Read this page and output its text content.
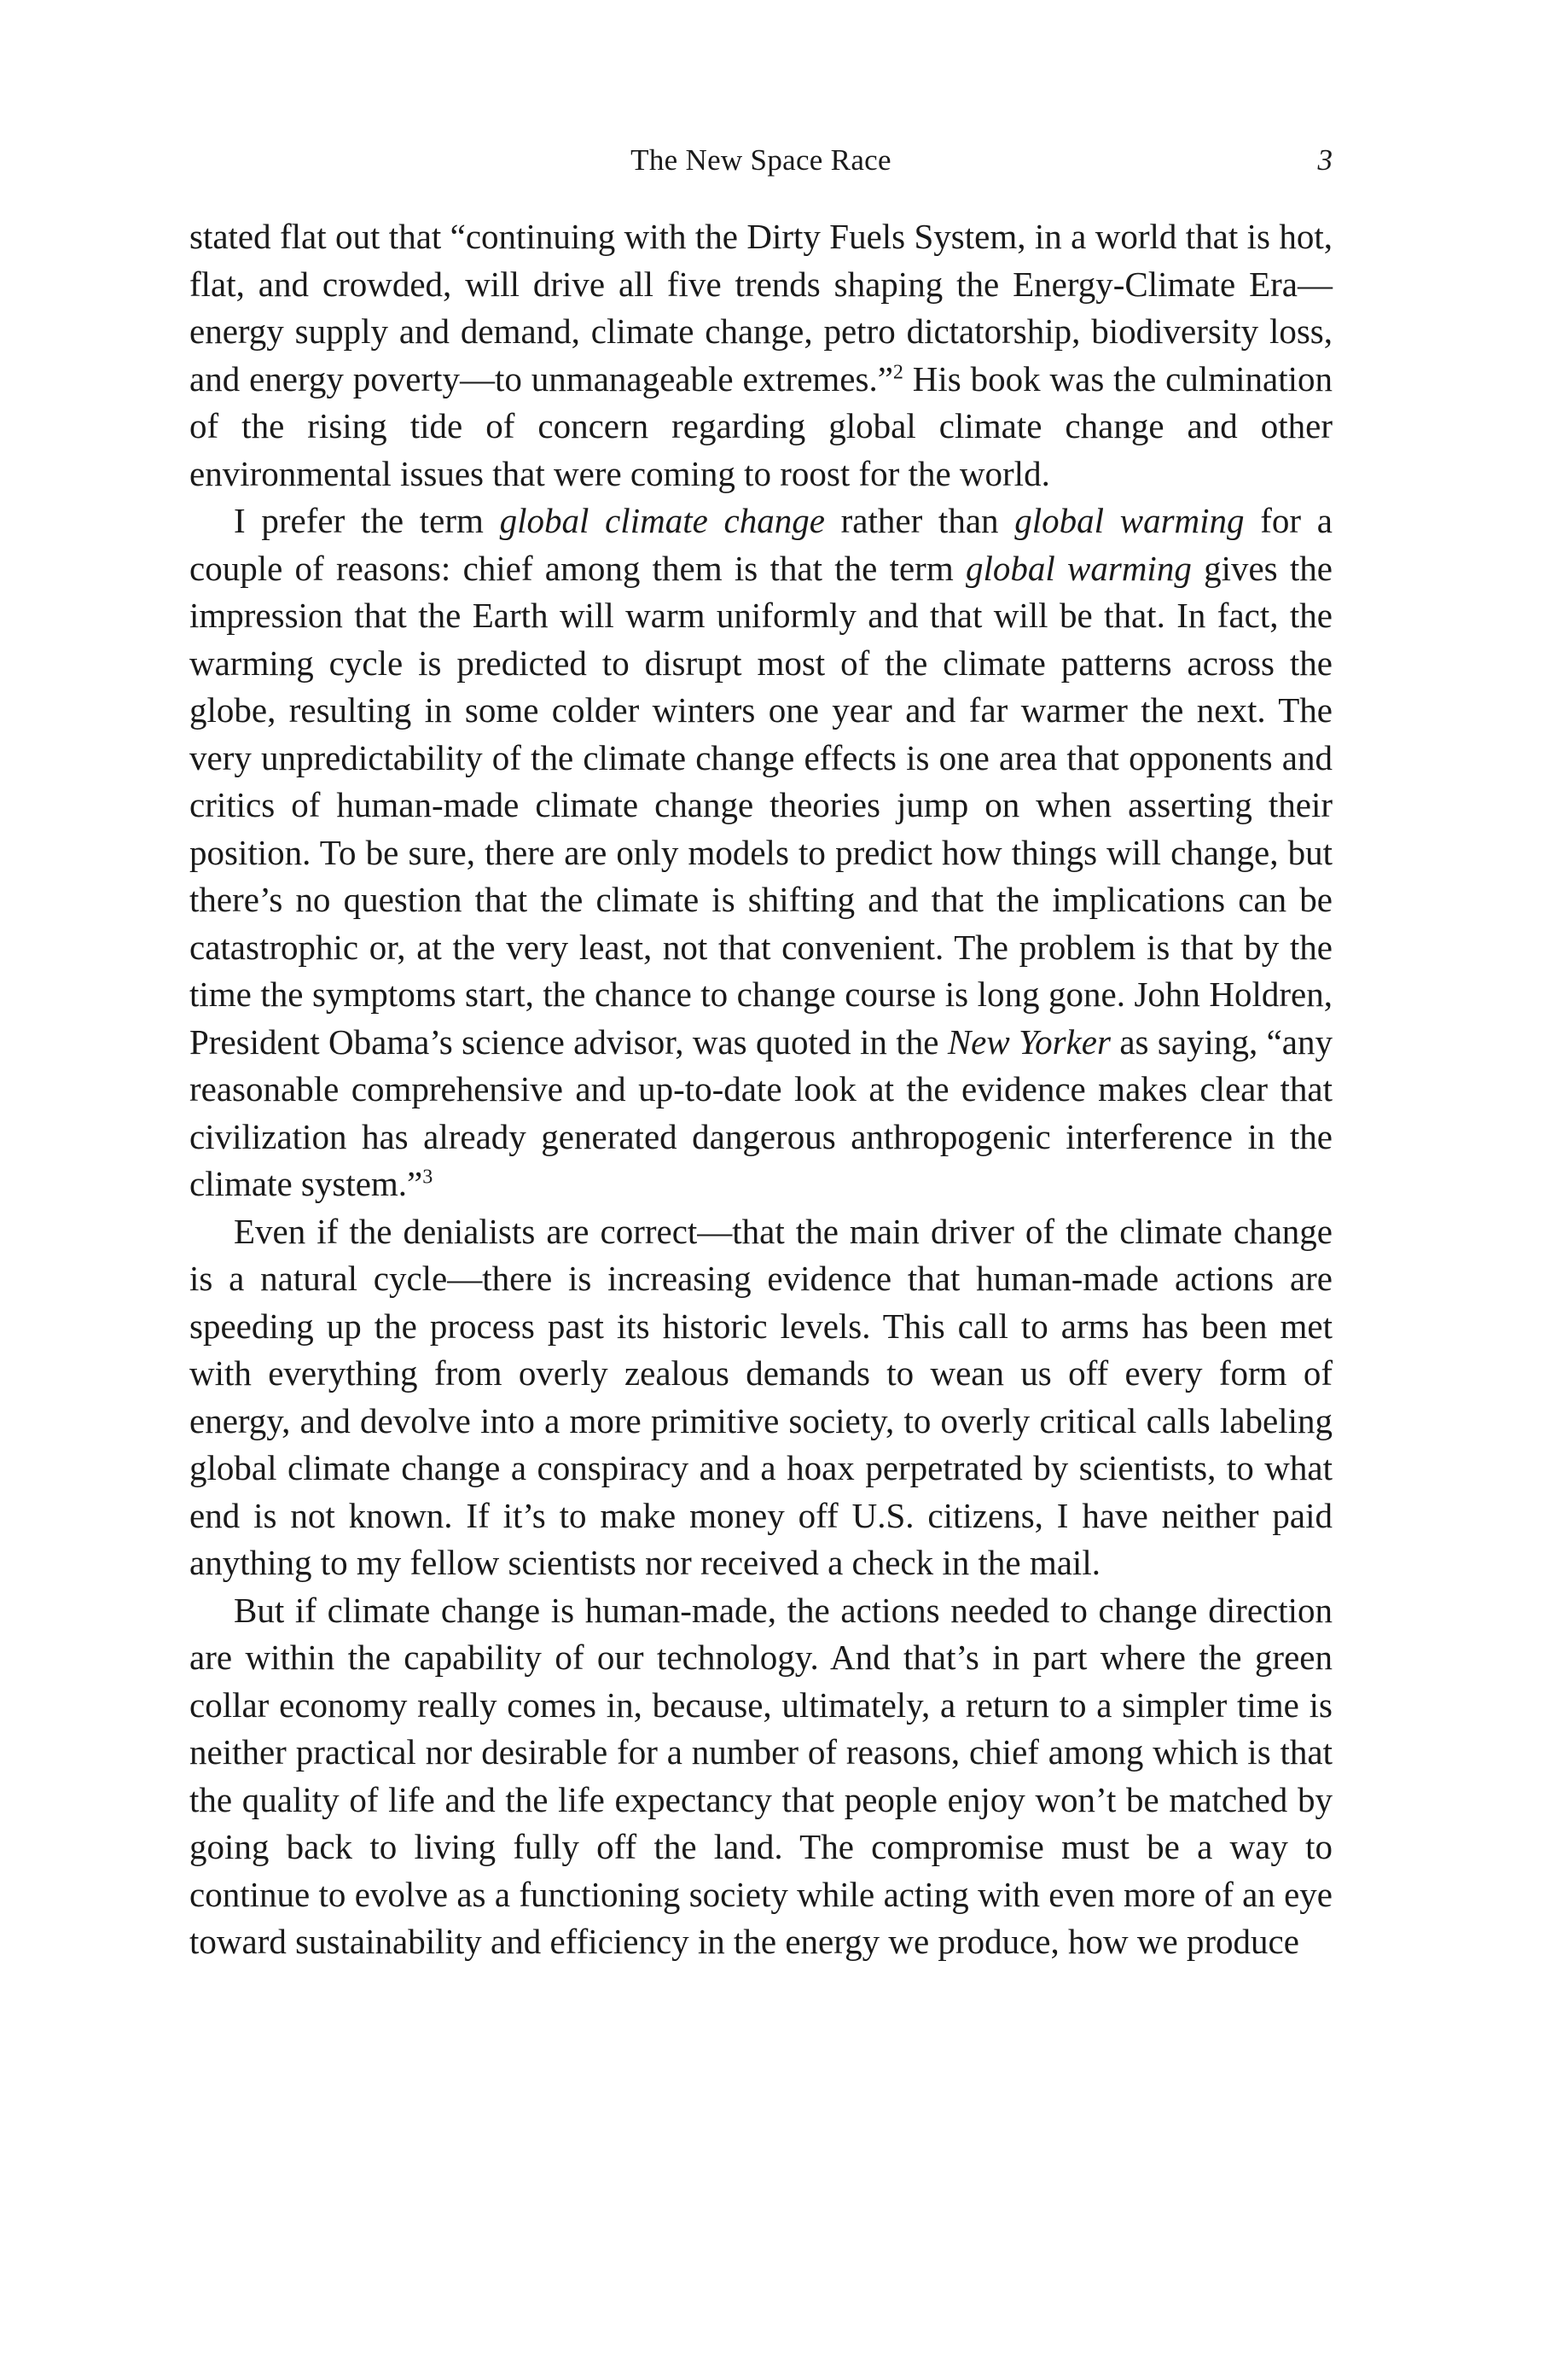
The New Space Race	3

stated flat out that “continuing with the Dirty Fuels System, in a world that is hot, flat, and crowded, will drive all five trends shaping the Energy-Climate Era—energy supply and demand, climate change, petro dictatorship, biodiversity loss, and energy poverty—to unmanageable extremes.”$^2$ His book was the culmination of the rising tide of concern regarding global climate change and other environmental issues that were coming to roost for the world.

I prefer the term global climate change rather than global warming for a couple of reasons: chief among them is that the term global warming gives the impression that the Earth will warm uniformly and that will be that. In fact, the warming cycle is predicted to disrupt most of the climate patterns across the globe, resulting in some colder winters one year and far warmer the next. The very unpredictability of the climate change effects is one area that opponents and critics of human-made climate change theories jump on when asserting their position. To be sure, there are only models to predict how things will change, but there’s no question that the climate is shifting and that the implications can be catastrophic or, at the very least, not that convenient. The problem is that by the time the symptoms start, the chance to change course is long gone. John Holdren, President Obama’s science advisor, was quoted in the New Yorker as saying, “any reasonable comprehensive and up-to-date look at the evidence makes clear that civilization has already generated dangerous anthropogenic interference in the climate system.”$^3$

Even if the denialists are correct—that the main driver of the climate change is a natural cycle—there is increasing evidence that human-made actions are speeding up the process past its historic levels. This call to arms has been met with everything from overly zealous demands to wean us off every form of energy, and devolve into a more primitive society, to overly critical calls labeling global climate change a conspiracy and a hoax perpetrated by scientists, to what end is not known. If it’s to make money off U.S. citizens, I have neither paid anything to my fellow scientists nor received a check in the mail.

But if climate change is human-made, the actions needed to change direction are within the capability of our technology. And that’s in part where the green collar economy really comes in, because, ultimately, a return to a simpler time is neither practical nor desirable for a number of reasons, chief among which is that the quality of life and the life expectancy that people enjoy won’t be matched by going back to living fully off the land. The compromise must be a way to continue to evolve as a functioning society while acting with even more of an eye toward sustainability and efficiency in the energy we produce, how we produce
